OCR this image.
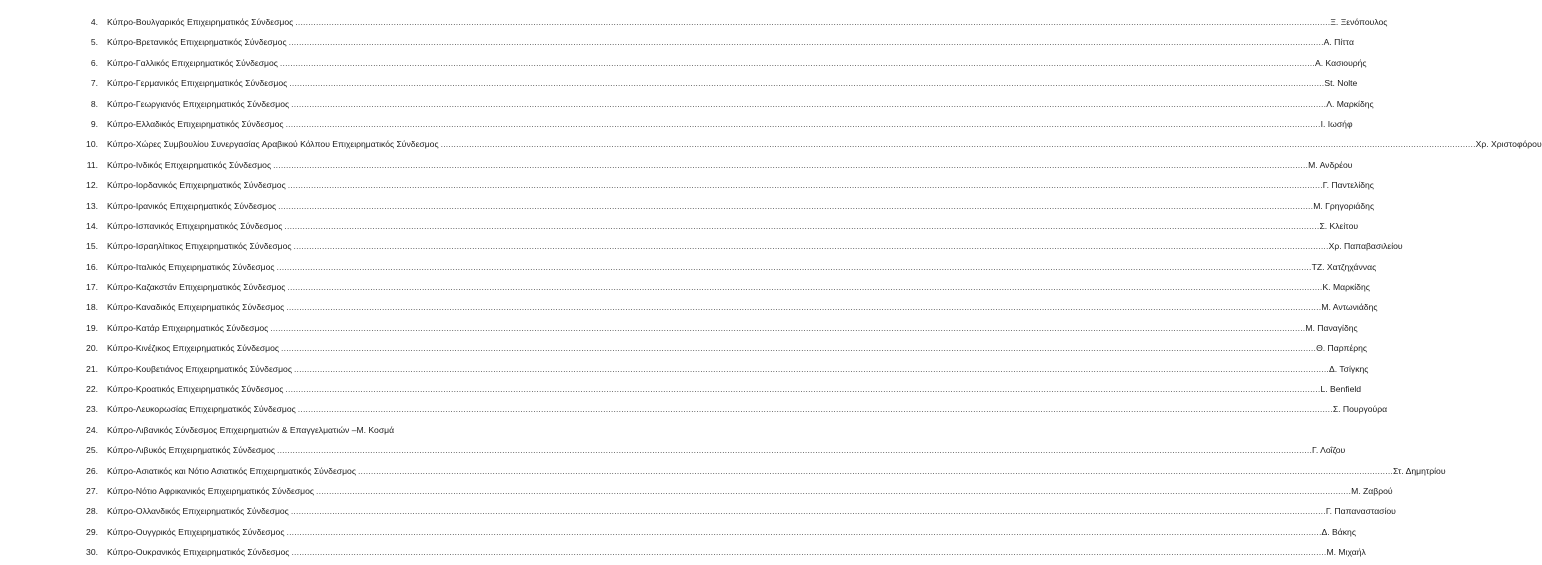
4. Κύπρο-Βουλγαρικός Επιχειρηματικός Σύνδεσμος ................................................................................................................................................................................................................................................................................................................................................................................................................ Ξ. Ξενόπουλος
5. Κύπρο-Βρετανικός Επιχειρηματικός Σύνδεσμος ................................................................................................................................................................................................................................................................................................................................................................................................................ Α. Πίττα
6. Κύπρο-Γαλλικός Επιχειρηματικός Σύνδεσμος ................................................................................................................................................................................................................................................................................................................................................................................................................ Α. Κασιουρής
7. Κύπρο-Γερμανικός Επιχειρηματικός Σύνδεσμος ................................................................................................................................................................................................................................................................................................................................................................................................................ St. Nolte
8. Κύπρο-Γεωργιανός Επιχειρηματικός Σύνδεσμος ................................................................................................................................................................................................................................................................................................................................................................................................................ Λ. Μαρκίδης
9. Κύπρο-Ελλαδικός Επιχειρηματικός Σύνδεσμος ................................................................................................................................................................................................................................................................................................................................................................................................................ Ι. Ιωσήφ
10. Κύπρο-Χώρες Συμβουλίου Συνεργασίας Αραβικού Κόλπου Επιχειρηματικός Σύνδεσμος ................................................................................................................................................................................................................................................................................................................................................................................................................ Χρ. Χριστοφόρου
11. Κύπρο-Ινδικός Επιχειρηματικός Σύνδεσμος ................................................................................................................................................................................................................................................................................................................................................................................................................ Μ. Ανδρέου
12. Κύπρο-Ιορδανικός Επιχειρηματικός Σύνδεσμος ................................................................................................................................................................................................................................................................................................................................................................................................................ Γ. Παντελίδης
13. Κύπρο-Ιρανικός Επιχειρηματικός Σύνδεσμος ................................................................................................................................................................................................................................................................................................................................................................................................................ Μ. Γρηγοριάδης
14. Κύπρο-Ισπανικός Επιχειρηματικός Σύνδεσμος ................................................................................................................................................................................................................................................................................................................................................................................................................ Σ. Κλείτου
15. Κύπρο-Ισραηλίτικος Επιχειρηματικός Σύνδεσμος ................................................................................................................................................................................................................................................................................................................................................................................................................ Χρ. Παπαβασιλείου
16. Κύπρο-Ιταλικός Επιχειρηματικός Σύνδεσμος ................................................................................................................................................................................................................................................................................................................................................................................................................ ΤΖ. Χατζηχάννας
17. Κύπρο-Καζακστάν Επιχειρηματικός Σύνδεσμος ................................................................................................................................................................................................................................................................................................................................................................................................................ Κ. Μαρκίδης
18. Κύπρο-Καναδικός Επιχειρηματικός Σύνδεσμος ................................................................................................................................................................................................................................................................................................................................................................................................................ Μ. Αντωνιάδης
19. Κύπρο-Κατάρ Επιχειρηματικός Σύνδεσμος ................................................................................................................................................................................................................................................................................................................................................................................................................ Μ. Παναγίδης
20. Κύπρο-Κινέζικος Επιχειρηματικός Σύνδεσμος ................................................................................................................................................................................................................................................................................................................................................................................................................ Θ. Παρπέρης
21. Κύπρο-Κουβετιάνος Επιχειρηματικός Σύνδεσμος ................................................................................................................................................................................................................................................................................................................................................................................................................ Δ. Τσίγκης
22. Κύπρο-Κροατικός Επιχειρηματικός Σύνδεσμος ................................................................................................................................................................................................................................................................................................................................................................................................................ L. Benfield
23. Κύπρο-Λευκορωσίας Επιχειρηματικός Σύνδεσμος ................................................................................................................................................................................................................................................................................................................................................................................................................ Σ. Πουργούρα
24. Κύπρο-Λιβανικός Σύνδεσμος Επιχειρηματιών & Επαγγελματιών –Μ. Κοσμά
25. Κύπρο-Λιβυκός Επιχειρηματικός Σύνδεσμος ................................................................................................................................................................................................................................................................................................................................................................................................................ Γ. Λοΐζου
26. Κύπρο-Ασιατικός και Νότιο Ασιατικός Επιχειρηματικός Σύνδεσμος ................................................................................................................................................................................................................................................................................................................................................................................................................ Στ. Δημητρίου
27. Κύπρο-Νότιο Αφρικανικός Επιχειρηματικός Σύνδεσμος ................................................................................................................................................................................................................................................................................................................................................................................................................ Μ. Ζαβρού
28. Κύπρο-Ολλανδικός Επιχειρηματικός Σύνδεσμος ................................................................................................................................................................................................................................................................................................................................................................................................................ Γ. Παπαναστασίου
29. Κύπρο-Ουγγρικός Επιχειρηματικός Σύνδεσμος ................................................................................................................................................................................................................................................................................................................................................................................................................ Δ. Βάκης
30. Κύπρο-Ουκρανικός Επιχειρηματικός Σύνδεσμος ................................................................................................................................................................................................................................................................................................................................................................................................................ Μ. Μιχαήλ
